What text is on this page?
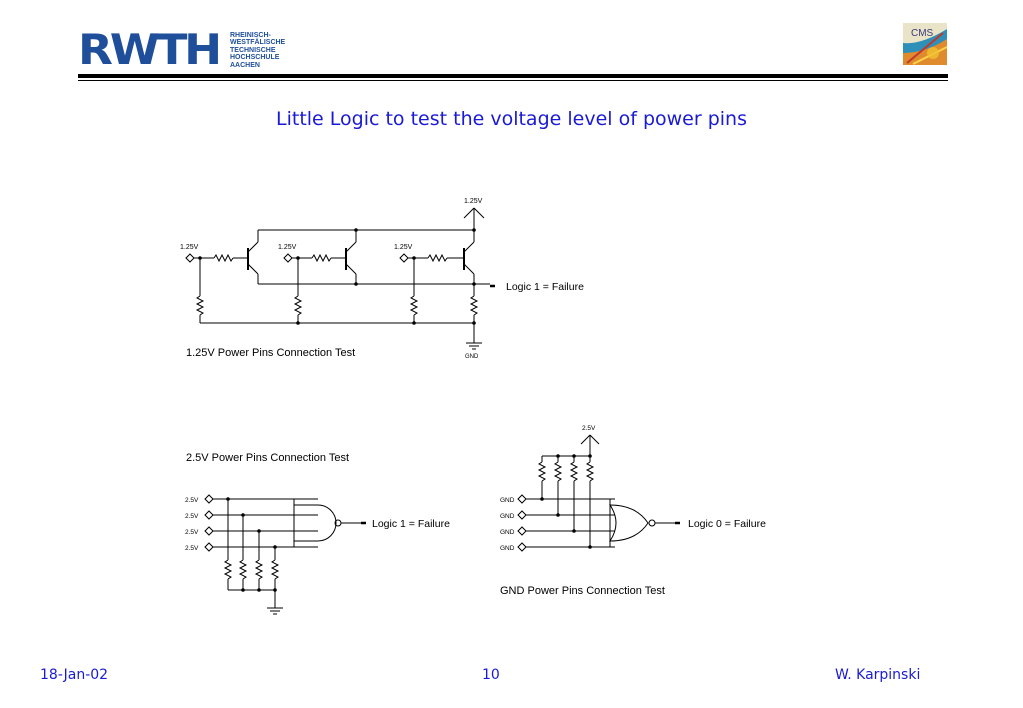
RWTH RHEINISCH-
WESTFÄLISCHE
TECHNISCHE
HOCHSCHULE
AACHEN
CMS
Little Logic to test the voltage level of power pins
1.25V
1.25V	1.25V	1.25V
Logic 1 = Failure
GND
1.25V Power Pins Connection Test
2.5V Power Pins Connection Test
2.5V
2.5V
2.5V
2.5V
Logic 1 = Failure
2.5V
GND
GND
GND
GND
Logic 0 = Failure
GND Power Pins Connection Test
18-Jan-02	10	W. Karpinski
